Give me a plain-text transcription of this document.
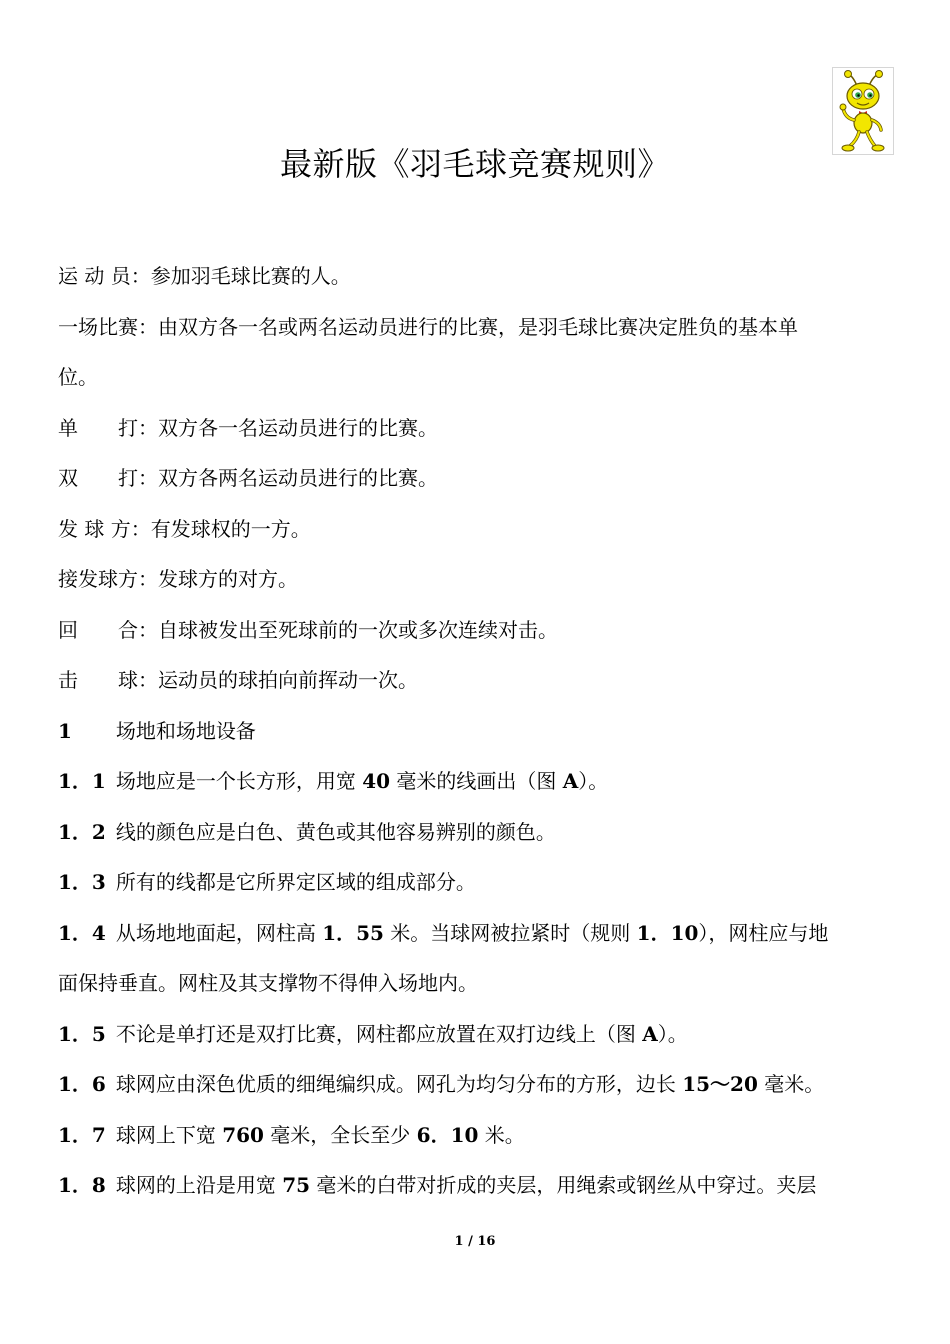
最新版《羽毛球竞赛规则》
运 动 员：参加羽毛球比赛的人。
一场比赛：由双方各一名或两名运动员进行的比赛，是羽毛球比赛决定胜负的基本单
位。
单　　打：双方各一名运动员进行的比赛。
双　　打：双方各两名运动员进行的比赛。
发 球 方：有发球权的一方。
接发球方：发球方的对方。
回　　合：自球被发出至死球前的一次或多次连续对击。
击　　球：运动员的球拍向前挥动一次。
1 场地和场地设备
1．1 场地应是一个长方形，用宽 40 毫米的线画出（图 A）。
1．2 线的颜色应是白色、黄色或其他容易辨别的颜色。
1．3 所有的线都是它所界定区域的组成部分。
1．4 从场地地面起，网柱高 1．55 米。当球网被拉紧时（规则 1．10），网柱应与地
面保持垂直。网柱及其支撑物不得伸入场地内。
1．5 不论是单打还是双打比赛，网柱都应放置在双打边线上（图 A）。
1．6 球网应由深色优质的细绳编织成。网孔为均匀分布的方形，边长 15～20 毫米。
1．7 球网上下宽 760 毫米，全长至少 6．10 米。
1．8 球网的上沿是用宽 75 毫米的白带对折成的夹层，用绳索或钢丝从中穿过。夹层
1 / 16
